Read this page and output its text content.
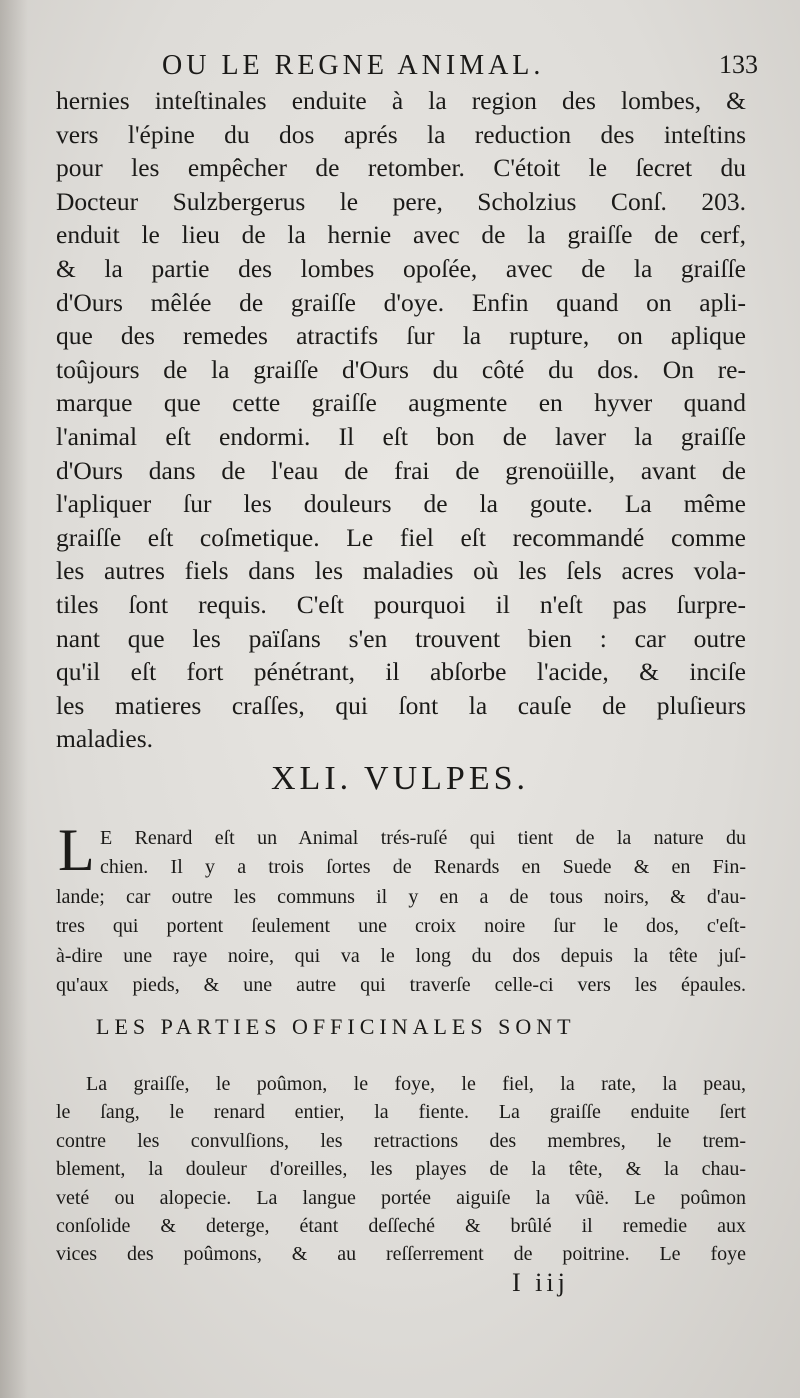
OU LE REGNE ANIMAL.	133
hernies inteſtinales enduite à la region des lombes, &
vers l'épine du dos aprés la reduction des inteſtins
pour les empêcher de retomber. C'étoit le ſecret du
Docteur Sulzbergerus le pere, Scholzius Conſ. 203.
enduit le lieu de la hernie avec de la graiſſe de cerf,
& la partie des lombes opoſée, avec de la graiſſe
d'Ours mêlée de graiſſe d'oye. Enfin quand on apli-
que des remedes atractifs ſur la rupture, on aplique
toûjours de la graiſſe d'Ours du côté du dos. On re-
marque que cette graiſſe augmente en hyver quand
l'animal eſt endormi. Il eſt bon de laver la graiſſe
d'Ours dans de l'eau de frai de grenoüille, avant de
l'apliquer ſur les douleurs de la goute. La même
graiſſe eſt coſmetique. Le fiel eſt recommandé comme
les autres fiels dans les maladies où les ſels acres vola-
tiles ſont requis. C'eſt pourquoi il n'eſt pas ſurpre-
nant que les païſans s'en trouvent bien : car outre
qu'il eſt fort pénétrant, il abſorbe l'acide, & inciſe
les matieres craſſes, qui ſont la cauſe de pluſieurs
maladies.
XLI. VULPES.
L E Renard eſt un Animal trés-ruſé qui tient de la nature du
chien. Il y a trois ſortes de Renards en Suede & en Fin-
lande; car outre les communs il y en a de tous noirs, & d'au-
tres qui portent ſeulement une croix noire ſur le dos, c'eſt-
à-dire une raye noire, qui va le long du dos depuis la tête juſ-
qu'aux pieds, & une autre qui traverſe celle-ci vers les épaules.
LES PARTIES OFFICINALES SONT
La graiſſe, le poûmon, le foye, le fiel, la rate, la peau,
le ſang, le renard entier, la fiente. La graiſſe enduite ſert
contre les convulſions, les retractions des membres, le trem-
blement, la douleur d'oreilles, les playes de la tête, & la chau-
veté ou alopecie. La langue portée aiguiſe la vûë. Le poûmon
conſolide & deterge, étant deſſeché & brûlé il remedie aux
vices des poûmons, & au reſſerrement de poitrine. Le foye
I iij
